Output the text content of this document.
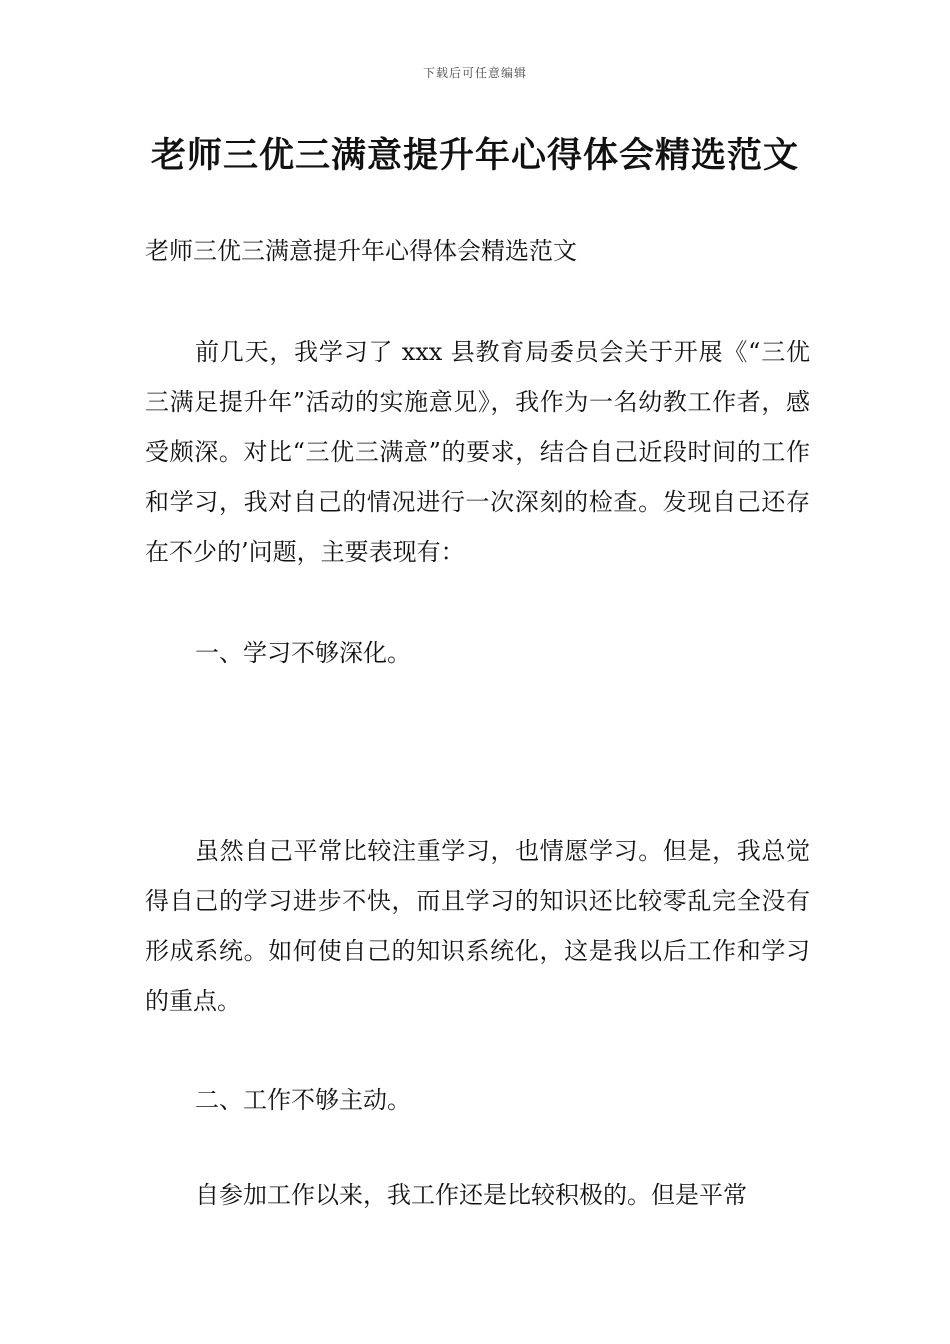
下载后可任意编辑
老师三优三满意提升年心得体会精选范文
老师三优三满意提升年心得体会精选范文

前几天，我学习了 xxx 县教育局委员会关于开展《“三优三满足提升年”活动的实施意见》，我作为一名幼教工作者，感受颇深。对比“三优三满意”的要求，结合自己近段时间的工作和学习，我对自己的情况进行一次深刻的检查。发现自己还存在不少的’问题，主要表现有：

一、学习不够深化。

虽然自己平常比较注重学习，也情愿学习。但是，我总觉得自己的学习进步不快，而且学习的知识还比较零乱完全没有形成系统。如何使自己的知识系统化，这是我以后工作和学习的重点。

二、工作不够主动。

自参加工作以来，我工作还是比较积极的。但是平常
